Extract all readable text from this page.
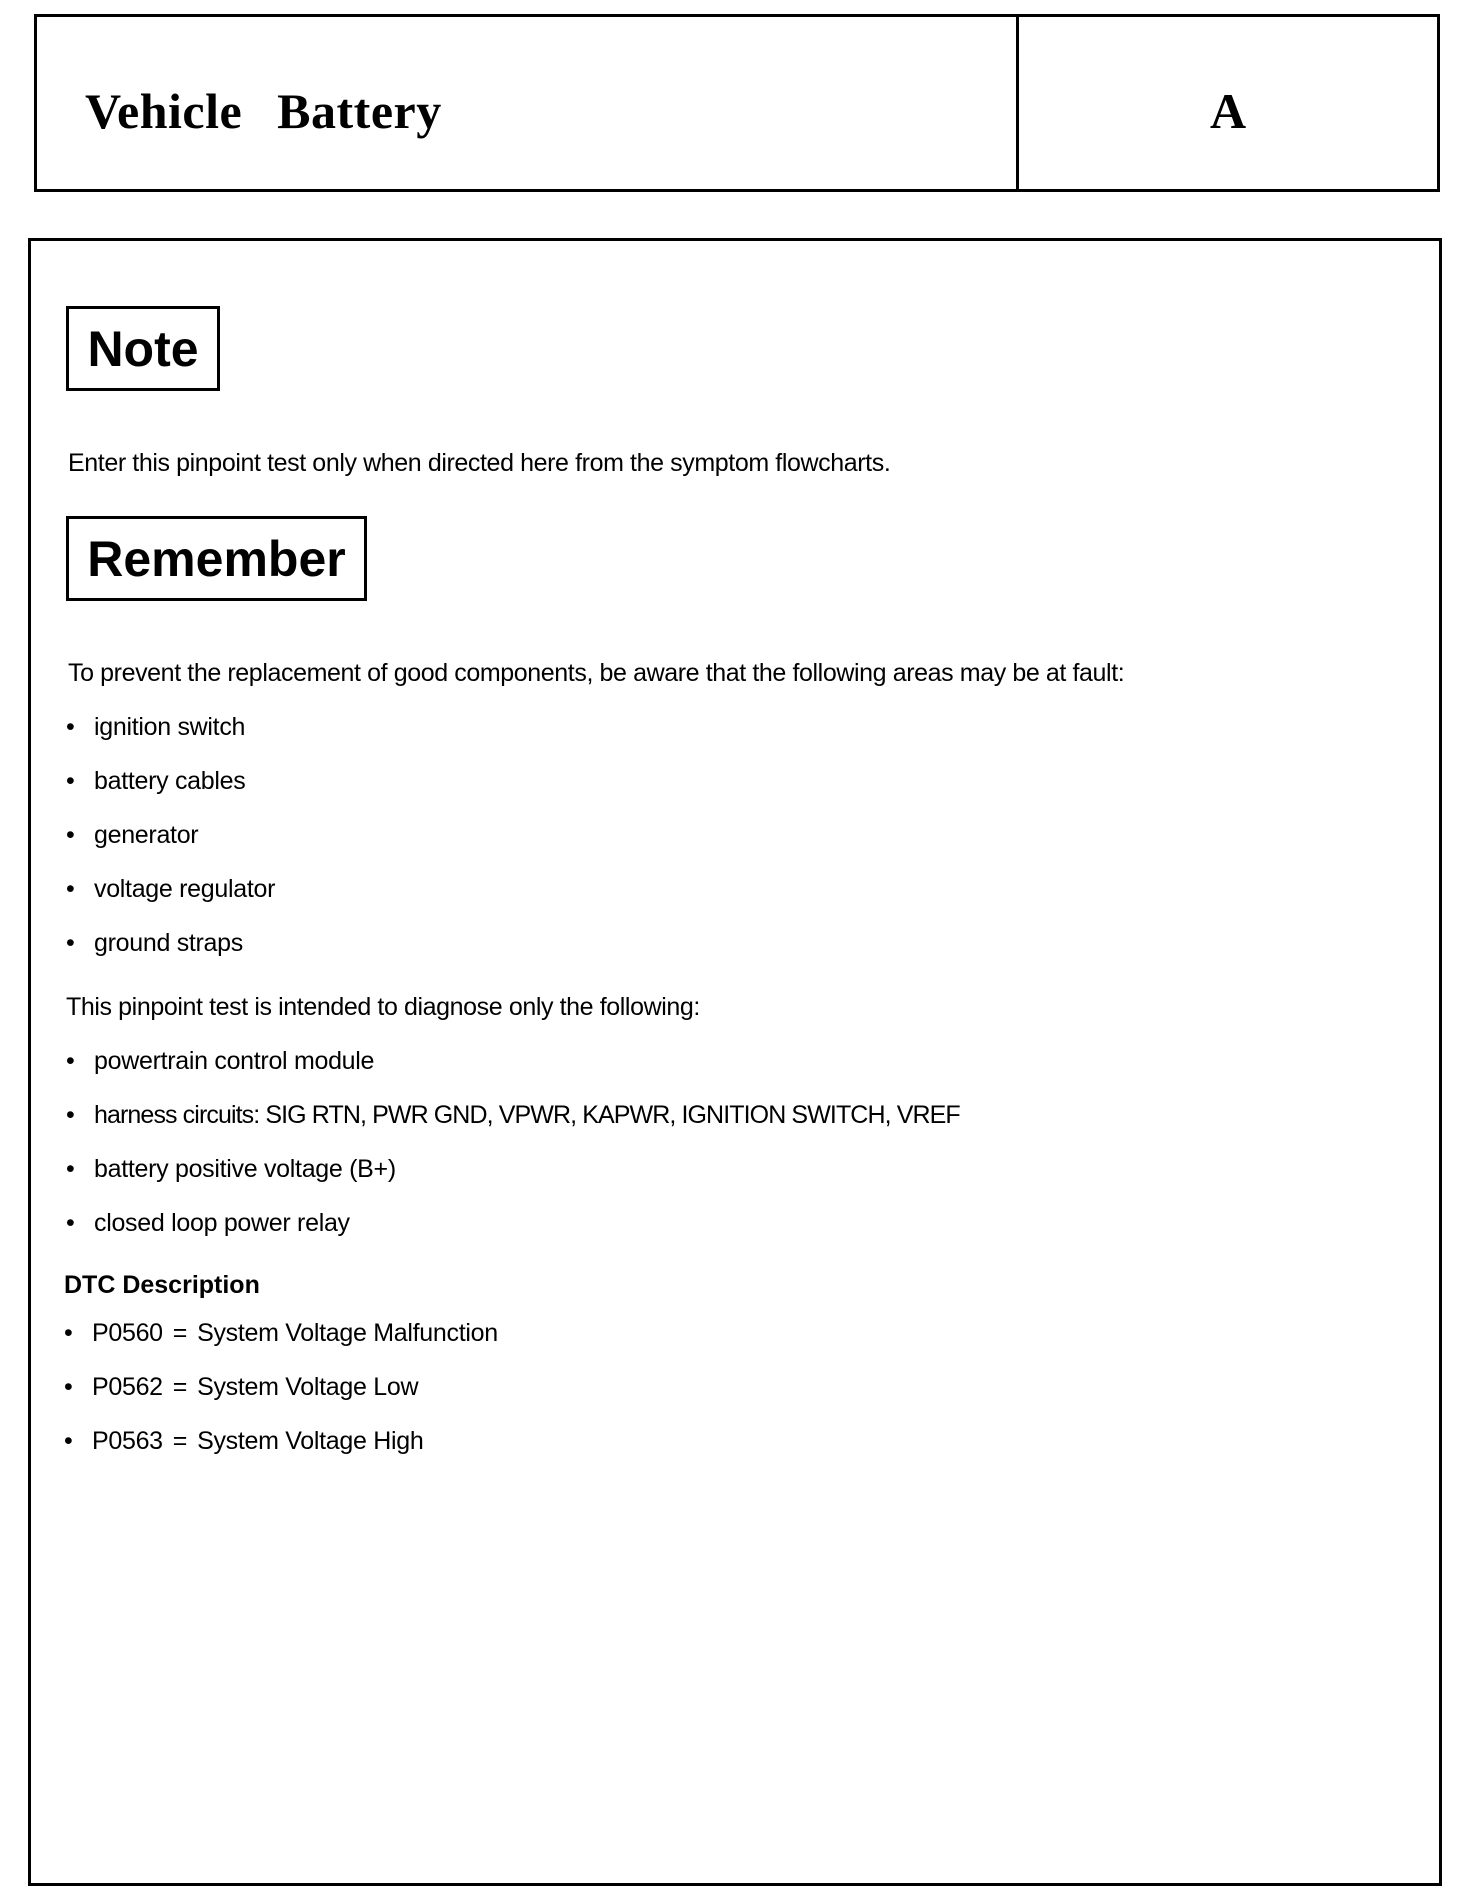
Vehicle Battery	A
Note
Enter this pinpoint test only when directed here from the symptom flowcharts.
Remember
To prevent the replacement of good components, be aware that the following areas may be at fault:
• ignition switch
• battery cables
• generator
• voltage regulator
• ground straps
This pinpoint test is intended to diagnose only the following:
• powertrain control module
• harness circuits: SIG RTN, PWR GND, VPWR, KAPWR, IGNITION SWITCH, VREF
• battery positive voltage (B+)
• closed loop power relay
DTC Description
• P0560 = System Voltage Malfunction
• P0562 = System Voltage Low
• P0563 = System Voltage High
